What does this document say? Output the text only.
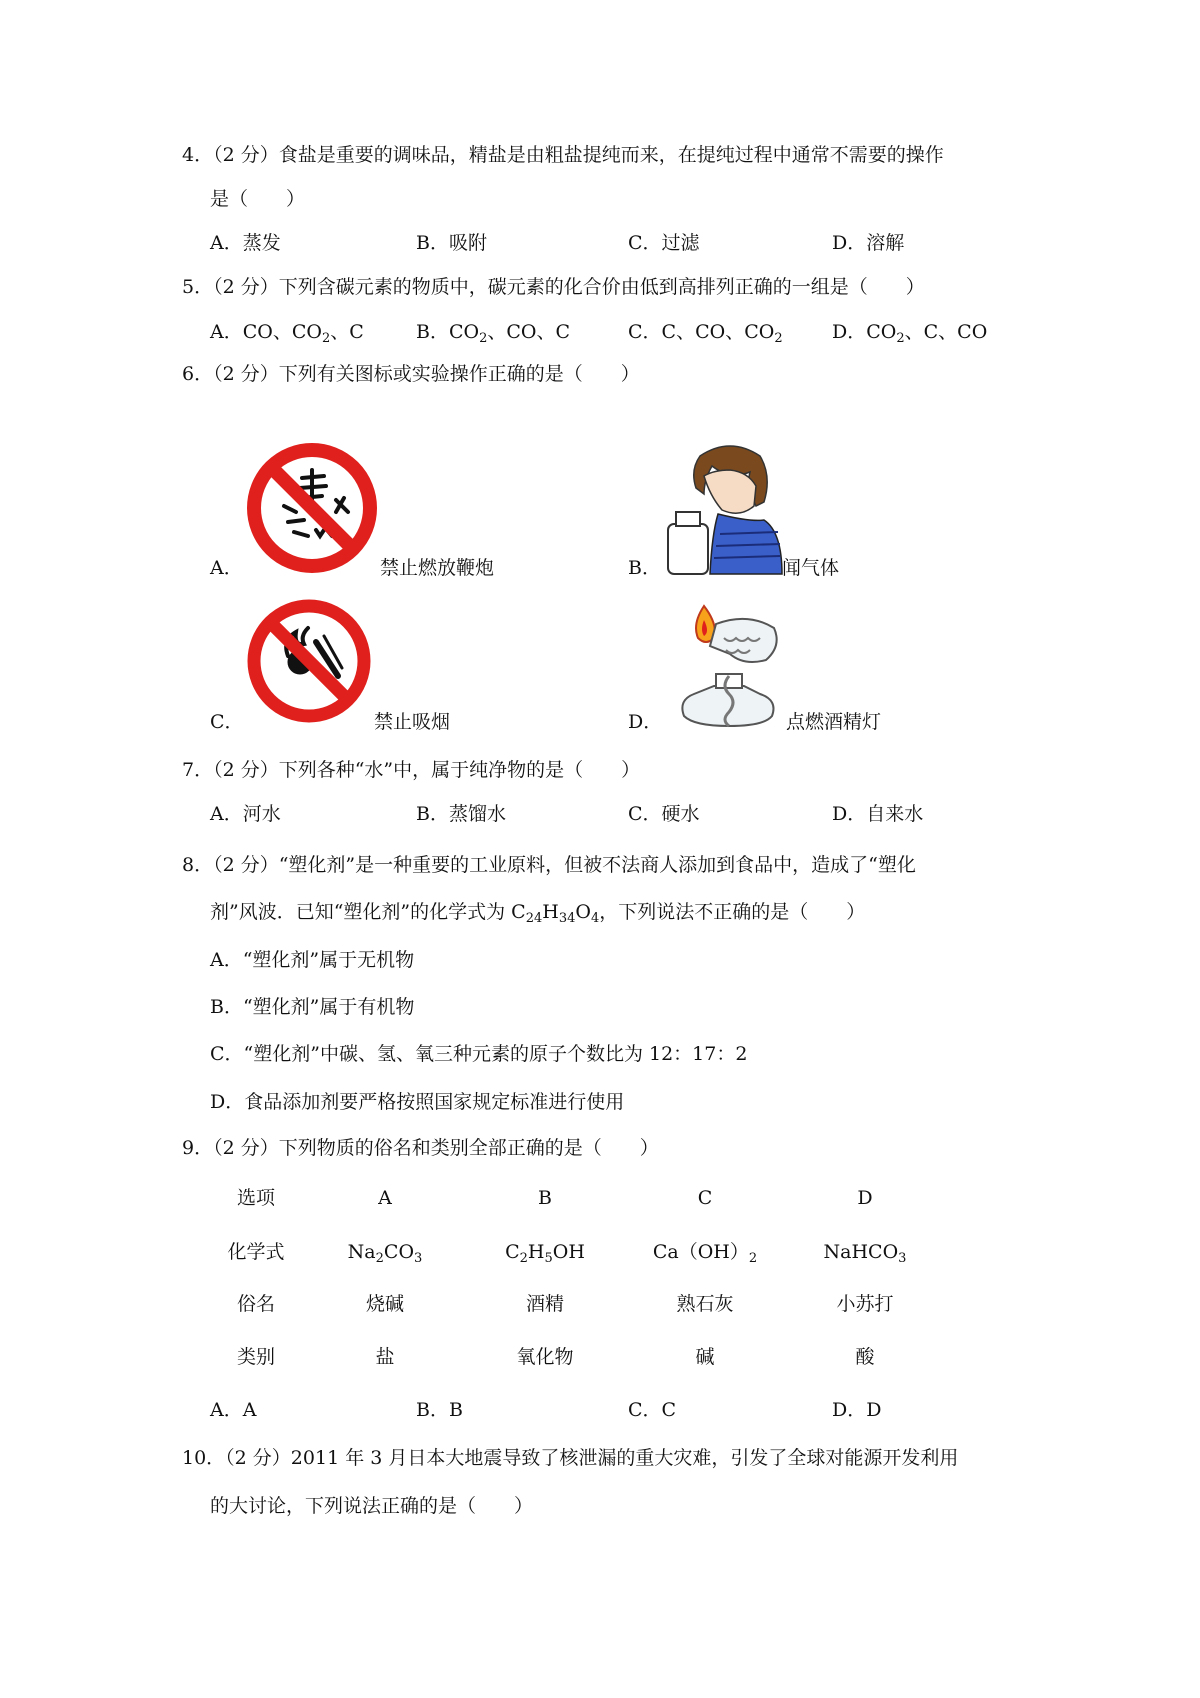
4．（2 分）食盐是重要的调味品，精盐是由粗盐提纯而来，在提纯过程中通常不需要的操作
是（　　）
A．蒸发	B．吸附	C．过滤	D．溶解
5．（2 分）下列含碳元素的物质中，碳元素的化合价由低到高排列正确的一组是（　　）
A．CO、$CO_2$、C	B．$CO_2$、CO、C	C．C、CO、$CO_2$	D．$CO_2$、C、CO
6．（2 分）下列有关图标或实验操作正确的是（　　）
A．	禁止燃放鞭炮	B．	闻气体
C．	禁止吸烟	D．	点燃酒精灯
7．（2 分）下列各种“水”中，属于纯净物的是（　　）
A．河水	B．蒸馏水	C．硬水	D．自来水
8．（2 分）“塑化剂”是一种重要的工业原料，但被不法商人添加到食品中，造成了“塑化
剂”风波．已知“塑化剂”的化学式为 $C_{24}H_{34}O_4$，下列说法不正确的是（　　）
A．“塑化剂”属于无机物
B．“塑化剂”属于有机物
C．“塑化剂”中碳、氢、氧三种元素的原子个数比为 12：17：2
D．食品添加剂要严格按照国家规定标准进行使用
9．（2 分）下列物质的俗名和类别全部正确的是（　　）
选项	A	B	C	D
化学式	$Na_2CO_3$	$C_2H_5OH$	$Ca(OH)_2$	NaHCO$_3$
俗名	烧碱	酒精	熟石灰	小苏打
类别	盐	氧化物	碱	酸
A．A	B．B	C．C	D．D
10．（2 分）2011 年 3 月日本大地震导致了核泄漏的重大灾难，引发了全球对能源开发利用
的大讨论，下列说法正确的是（　　）
